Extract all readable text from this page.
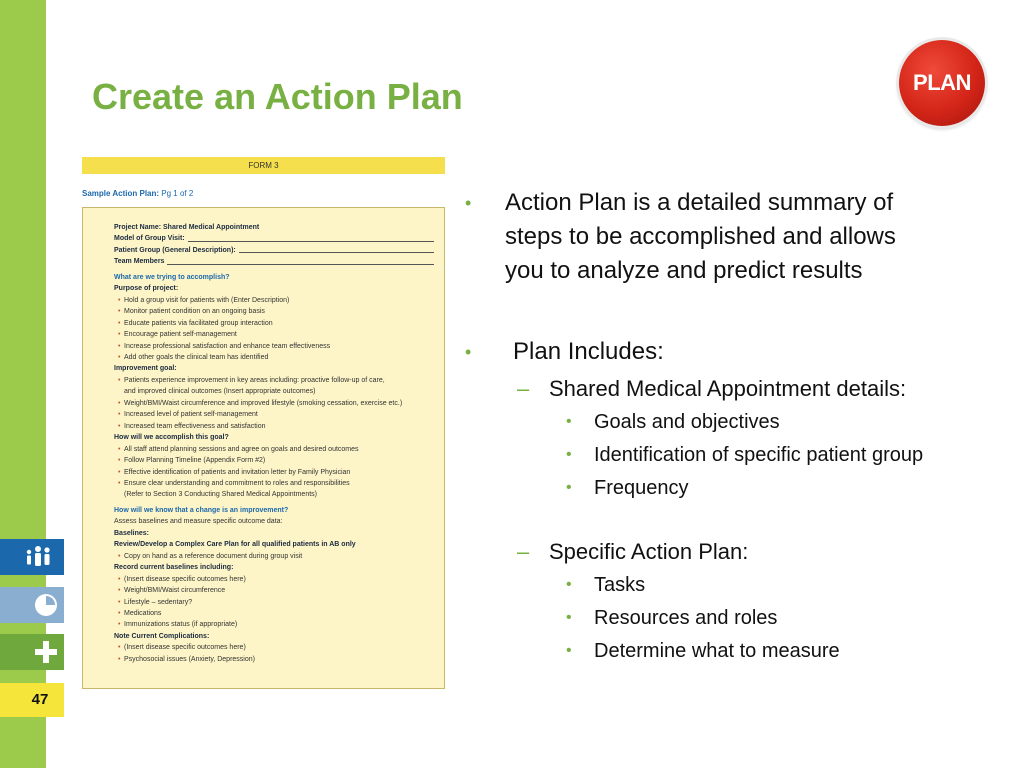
47
Create an Action Plan	PLAN
FORM 3
Sample Action Plan: Pg 1 of 2
Project Name: Shared Medical Appointment
Model of Group Visit:
Patient Group (General Description):
Team Members
What are we trying to accomplish?
Purpose of project:
• Hold a group visit for patients with (Enter Description)
• Monitor patient condition on an ongoing basis
• Educate patients via facilitated group interaction
• Encourage patient self-management
• Increase professional satisfaction and enhance team effectiveness
• Add other goals the clinical team has identified
Improvement goal:
• Patients experience improvement in key areas including: proactive follow-up of care,
and improved clinical outcomes (Insert appropriate outcomes)
• Weight/BMI/Waist circumference and improved lifestyle (smoking cessation, exercise etc.)
• Increased level of patient self-management
• Increased team effectiveness and satisfaction
How will we accomplish this goal?
• All staff attend planning sessions and agree on goals and desired outcomes
• Follow Planning Timeline (Appendix Form #2)
• Effective identification of patients and invitation letter by Family Physician
• Ensure clear understanding and commitment to roles and responsibilities
(Refer to Section 3 Conducting Shared Medical Appointments)
How will we know that a change is an improvement?
Assess baselines and measure specific outcome data:
Baselines:
Review/Develop a Complex Care Plan for all qualified patients in AB only
• Copy on hand as a reference document during group visit
Record current baselines including:
• (Insert disease specific outcomes here)
• Weight/BMI/Waist circumference
• Lifestyle – sedentary?
• Medications
• Immunizations status (if appropriate)
Note Current Complications:
• (Insert disease specific outcomes here)
• Psychosocial issues (Anxiety, Depression)
• Action Plan is a detailed summary of
steps to be accomplished and allows
you to analyze and predict results
• Plan Includes:
– Shared Medical Appointment details:
• Goals and objectives
• Identification of specific patient group
• Frequency
– Specific Action Plan:
• Tasks
• Resources and roles
• Determine what to measure
